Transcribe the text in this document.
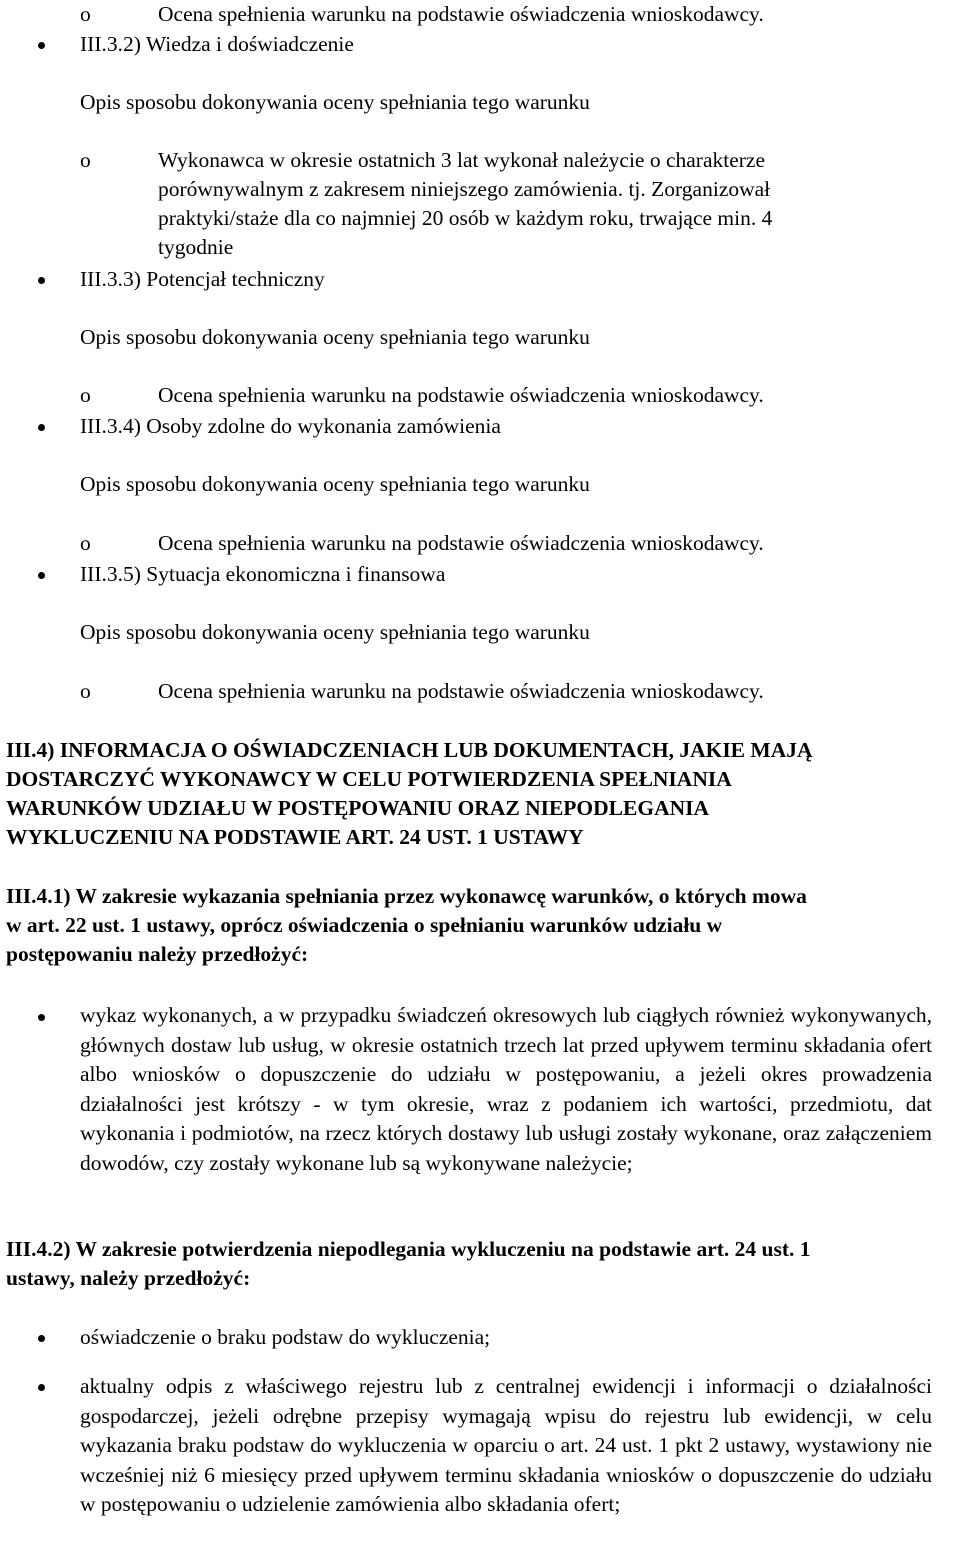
o	Ocena spełnienia warunku na podstawie oświadczenia wnioskodawcy.
III.3.2) Wiedza i doświadczenie
Opis sposobu dokonywania oceny spełniania tego warunku
o	Wykonawca w okresie ostatnich 3 lat wykonał należycie o charakterze
porównywalnym z zakresem niniejszego zamówienia. tj. Zorganizował
praktyki/staże dla co najmniej 20 osób w każdym roku, trwające min. 4
tygodnie
III.3.3) Potencjał techniczny
Opis sposobu dokonywania oceny spełniania tego warunku
o	Ocena spełnienia warunku na podstawie oświadczenia wnioskodawcy.
III.3.4) Osoby zdolne do wykonania zamówienia
Opis sposobu dokonywania oceny spełniania tego warunku
o	Ocena spełnienia warunku na podstawie oświadczenia wnioskodawcy.
III.3.5) Sytuacja ekonomiczna i finansowa
Opis sposobu dokonywania oceny spełniania tego warunku
o	Ocena spełnienia warunku na podstawie oświadczenia wnioskodawcy.
III.4) INFORMACJA O OŚWIADCZENIACH LUB DOKUMENTACH, JAKIE MAJĄ
DOSTARCZYĆ WYKONAWCY W CELU POTWIERDZENIA SPEŁNIANIA
WARUNKÓW UDZIAŁU W POSTĘPOWANIU ORAZ NIEPODLEGANIA
WYKLUCZENIU NA PODSTAWIE ART. 24 UST. 1 USTAWY
III.4.1) W zakresie wykazania spełniania przez wykonawcę warunków, o których mowa
w art. 22 ust. 1 ustawy, oprócz oświadczenia o spełnianiu warunków udziału w
postępowaniu należy przedłożyć:
wykaz wykonanych, a w przypadku świadczeń okresowych lub ciągłych również wykonywanych, głównych dostaw lub usług, w okresie ostatnich trzech lat przed upływem terminu składania ofert albo wniosków o dopuszczenie do udziału w postępowaniu, a jeżeli okres prowadzenia działalności jest krótszy - w tym okresie, wraz z podaniem ich wartości, przedmiotu, dat wykonania i podmiotów, na rzecz których dostawy lub usługi zostały wykonane, oraz załączeniem dowodów, czy zostały wykonane lub są wykonywane należycie;
III.4.2) W zakresie potwierdzenia niepodlegania wykluczeniu na podstawie art. 24 ust. 1
ustawy, należy przedłożyć:
oświadczenie o braku podstaw do wykluczenia;
aktualny odpis z właściwego rejestru lub z centralnej ewidencji i informacji o działalności gospodarczej, jeżeli odrębne przepisy wymagają wpisu do rejestru lub ewidencji, w celu wykazania braku podstaw do wykluczenia w oparciu o art. 24 ust. 1 pkt 2 ustawy, wystawiony nie wcześniej niż 6 miesięcy przed upływem terminu składania wniosków o dopuszczenie do udziału w postępowaniu o udzielenie zamówienia albo składania ofert;
